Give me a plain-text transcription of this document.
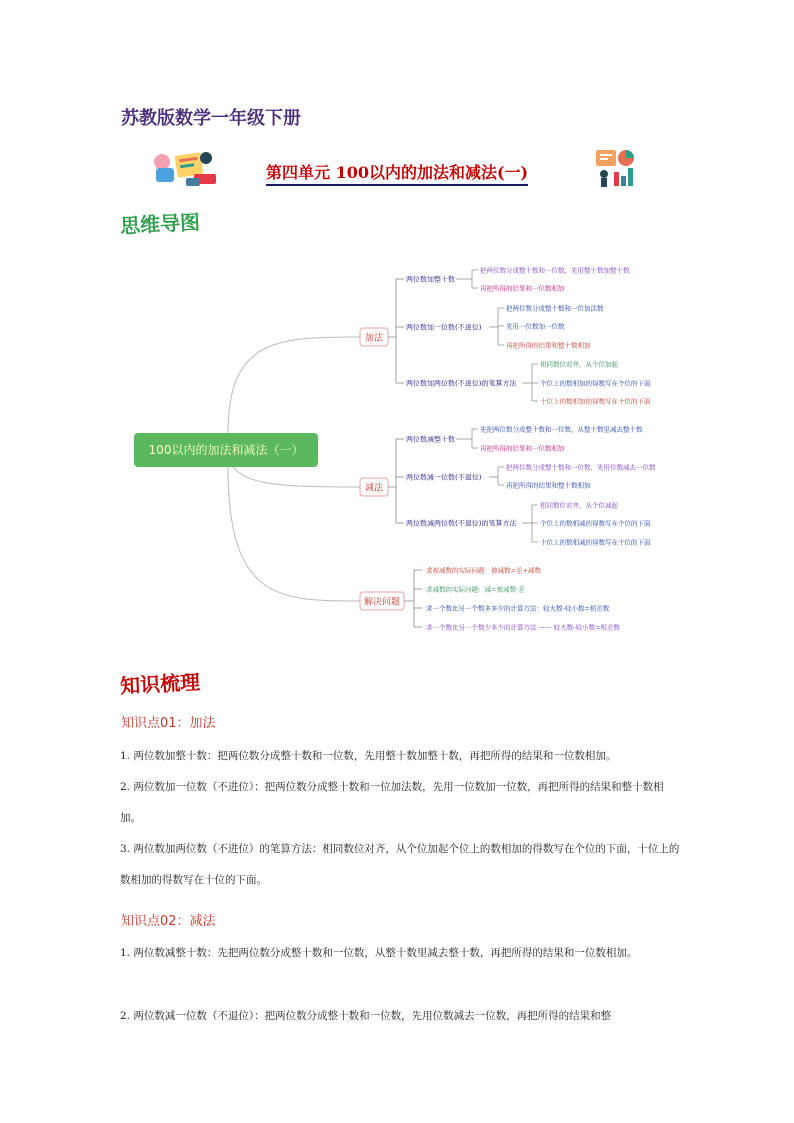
苏教版数学一年级下册
第四单元 100以内的加法和减法(一)
思维导图
100以内的加法和减法（一）
加法
两位数加整十数
把两位数分成整十数和一位数，先用整十数加整十数
再把所得的结果和一位数相加
两位数加一位数(不进位)
把两位数分成整十数和一位加法数
先用一位数加一位数
再把所得的结果和整十数相加
两位数加两位数(不进位)的笔算方法
相同数位对齐，从个位加起
个位上的数相加的得数写在个位的下面
十位上的数相加的得数写在十位的下面
减法
两位数减整十数
先把两位数分成整十数和一位数，从整十数里减去整十数
再把所得的结果和一位数相加
两位数减一位数(不退位)
把两位数分成整十数和一位数，先用位数减去一位数
再把所得的结果和整十数相加
两位数减两位数(不退位)的笔算方法
相同数位对齐，从个位减起
个位上的数相减的得数写在个位的下面
十位上的数相减的得数写在十位的下面
解决问题
求被减数的实际问题：被减数=差+减数
求减数的实际问题：减=被减数-差
求一个数比另一个数多多少的计算方法：较大数-较小数=相差数
求一个数比另一个数少多少的计算方法 —— 较大数-较小数=相差数
知识梳理
知识点01：加法
1. 两位数加整十数：把两位数分成整十数和一位数，先用整十数加整十数，再把所得的结果和一位数相加。
2. 两位数加一位数（不进位）：把两位数分成整十数和一位加法数，先用一位数加一位数，再把所得的结果和整十数相加。
3. 两位数加两位数（不进位）的笔算方法：相同数位对齐，从个位加起个位上的数相加的得数写在个位的下面，十位上的数相加的得数写在十位的下面。
知识点02：减法
1. 两位数减整十数：先把两位数分成整十数和一位数，从整十数里减去整十数，再把所得的结果和一位数相加。
2. 两位数减一位数（不退位）：把两位数分成整十数和一位数，先用位数减去一位数，再把所得的结果和整
